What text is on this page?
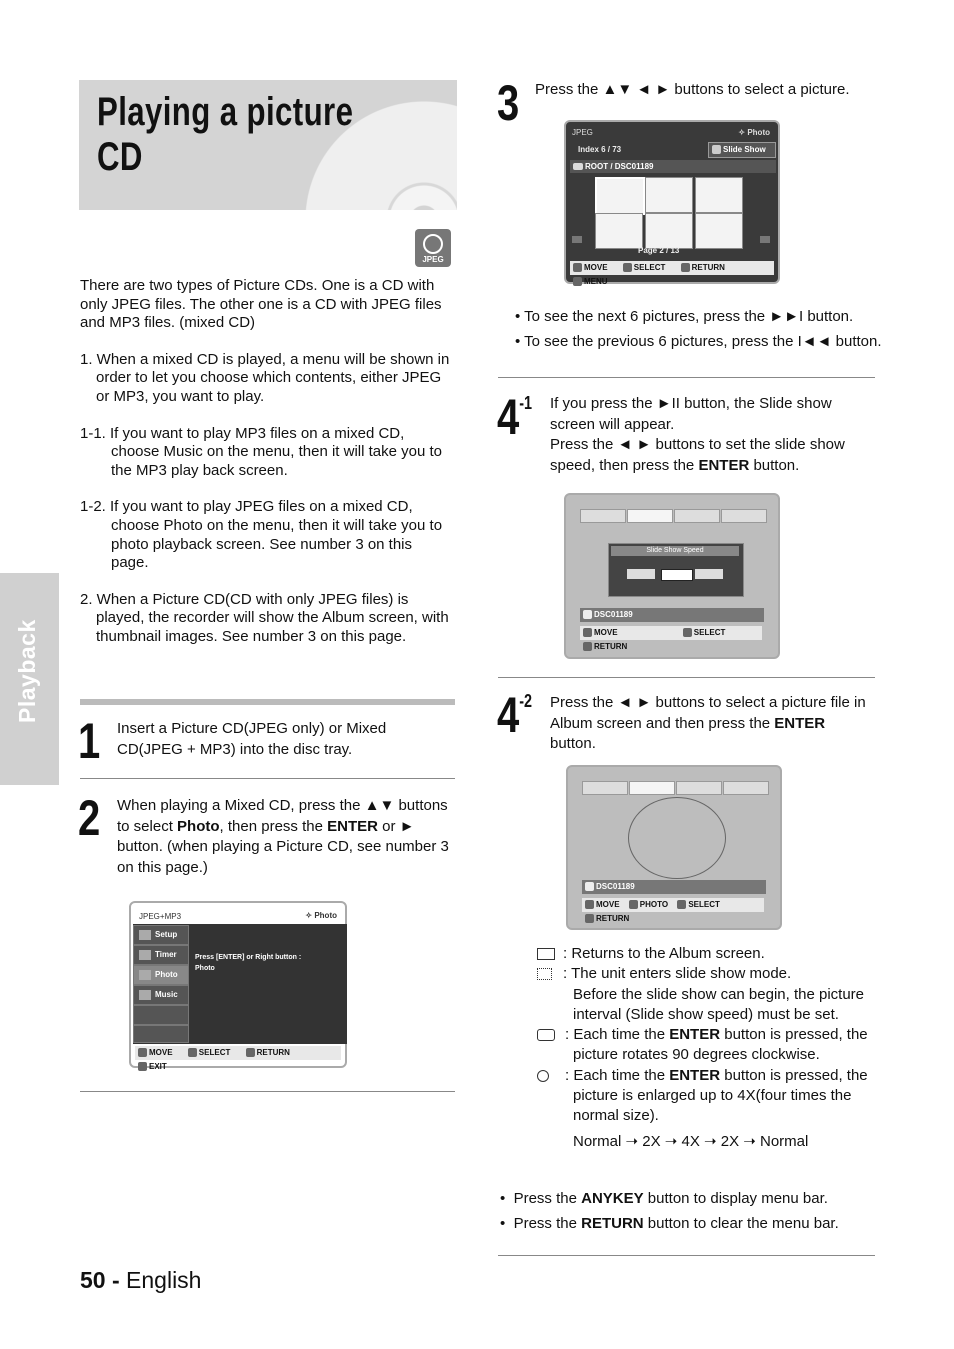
Playing a picture CD
JPEG
Playback
There are two types of Picture CDs. One is a CD with only JPEG files. The other one is a CD with JPEG files and MP3 files. (mixed CD)
1. When a mixed CD is played, a menu will be shown in order to let you choose which contents, either JPEG or MP3, you want to play.
1-1. If you want to play MP3 files on a mixed CD, choose Music on the menu, then it will take you to the MP3 play back screen.
1-2. If you want to play JPEG files on a mixed CD, choose Photo on the menu, then it will take you to photo playback screen. See number 3 on this page.
2. When a Picture CD(CD with only JPEG files) is played, the recorder will show the Album screen, with thumbnail images. See number 3 on this page.
1 Insert a Picture CD(JPEG only) or Mixed CD(JPEG + MP3) into the disc tray.
2 When playing a Mixed CD, press the ▲▼ buttons to select Photo, then press the ENTER or ► button. (when playing a Picture CD, see number 3 on this page.)
JPEG+MP3	✧ Photo
Setup
Timer
Photo
Music
Press [ENTER] or Right button :
Photo
MOVE	SELECT	RETURN EXIT
3 Press the ▲▼ ◄ ► buttons to select a picture.
JPEG	✧ Photo
Index 6 / 73	Slide Show
ROOT / DSC01189
Page 2 / 13
MOVE	SELECT	RETURN MENU
• To see the next 6 pictures, press the ►►I button.
• To see the previous 6 pictures, press the I◄◄ button.
$4^{-1}$ If you press the ►II button, the Slide show screen will appear.
Press the ◄ ► buttons to set the slide show speed, then press the ENTER button.
Slide Show Speed
DSC01189
MOVE	SELECT RETURN
$4^{-2}$ Press the ◄ ► buttons to select a picture file in Album screen and then press the ENTER button.
DSC01189
MOVE	PHOTO	SELECT RETURN
: Returns to the Album screen.
: The unit enters slide show mode.
Before the slide show can begin, the picture interval (Slide show speed) must be set.
: Each time the ENTER button is pressed, the picture rotates 90 degrees clockwise.
: Each time the ENTER button is pressed, the picture is enlarged up to 4X(four times the normal size).
Normal ➝ 2X ➝ 4X ➝ 2X ➝ Normal
•  Press the ANYKEY button to display menu bar.
•  Press the RETURN button to clear the menu bar.
50 - English
